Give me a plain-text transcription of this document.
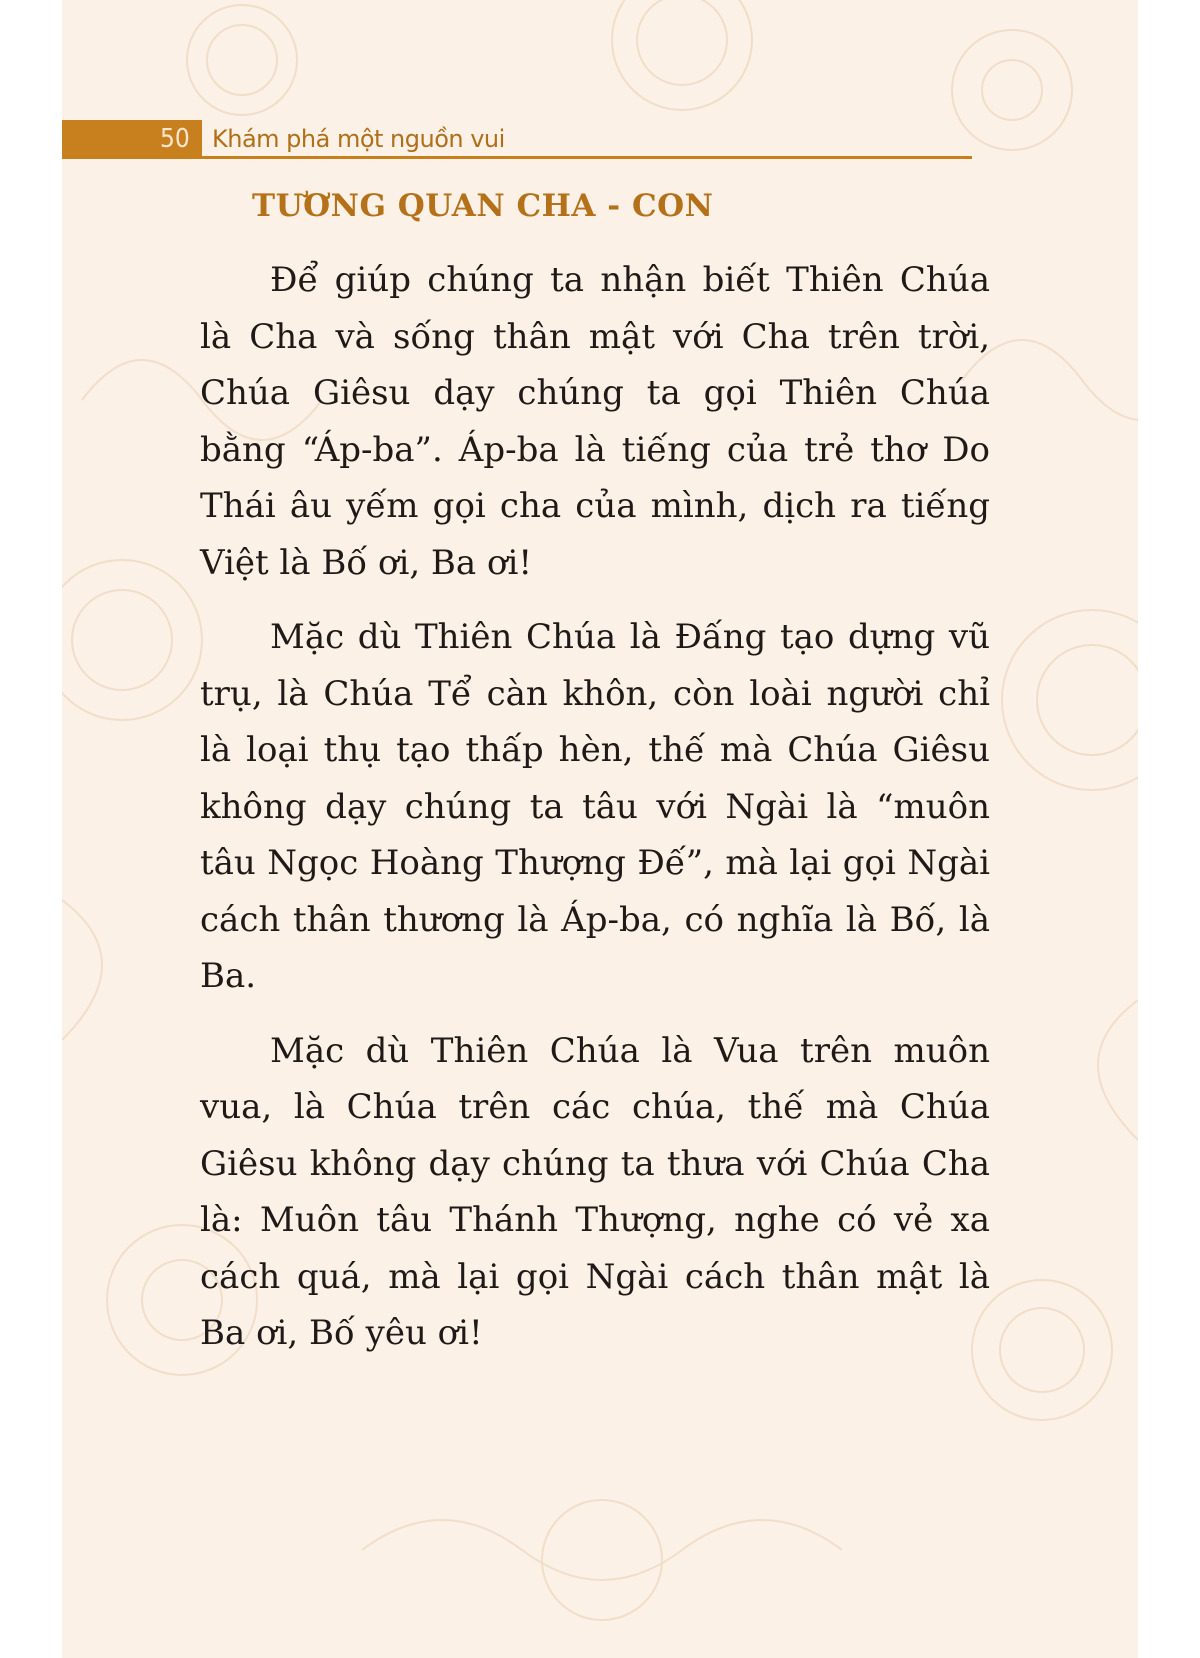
50 Khám phá một nguồn vui
TƯƠNG QUAN CHA - CON

Để giúp chúng ta nhận biết Thiên Chúa là Cha và sống thân mật với Cha trên trời, Chúa Giêsu dạy chúng ta gọi Thiên Chúa bằng “Áp-ba”. Áp-ba là tiếng của trẻ thơ Do Thái âu yếm gọi cha của mình, dịch ra tiếng Việt là Bố ơi, Ba ơi!

Mặc dù Thiên Chúa là Đấng tạo dựng vũ trụ, là Chúa Tể càn khôn, còn loài người chỉ là loại thụ tạo thấp hèn, thế mà Chúa Giêsu không dạy chúng ta tâu với Ngài là “muôn tâu Ngọc Hoàng Thượng Đế”, mà lại gọi Ngài cách thân thương là Áp-ba, có nghĩa là Bố, là Ba.

Mặc dù Thiên Chúa là Vua trên muôn vua, là Chúa trên các chúa, thế mà Chúa Giêsu không dạy chúng ta thưa với Chúa Cha là: Muôn tâu Thánh Thượng, nghe có vẻ xa cách quá, mà lại gọi Ngài cách thân mật là Ba ơi, Bố yêu ơi!
